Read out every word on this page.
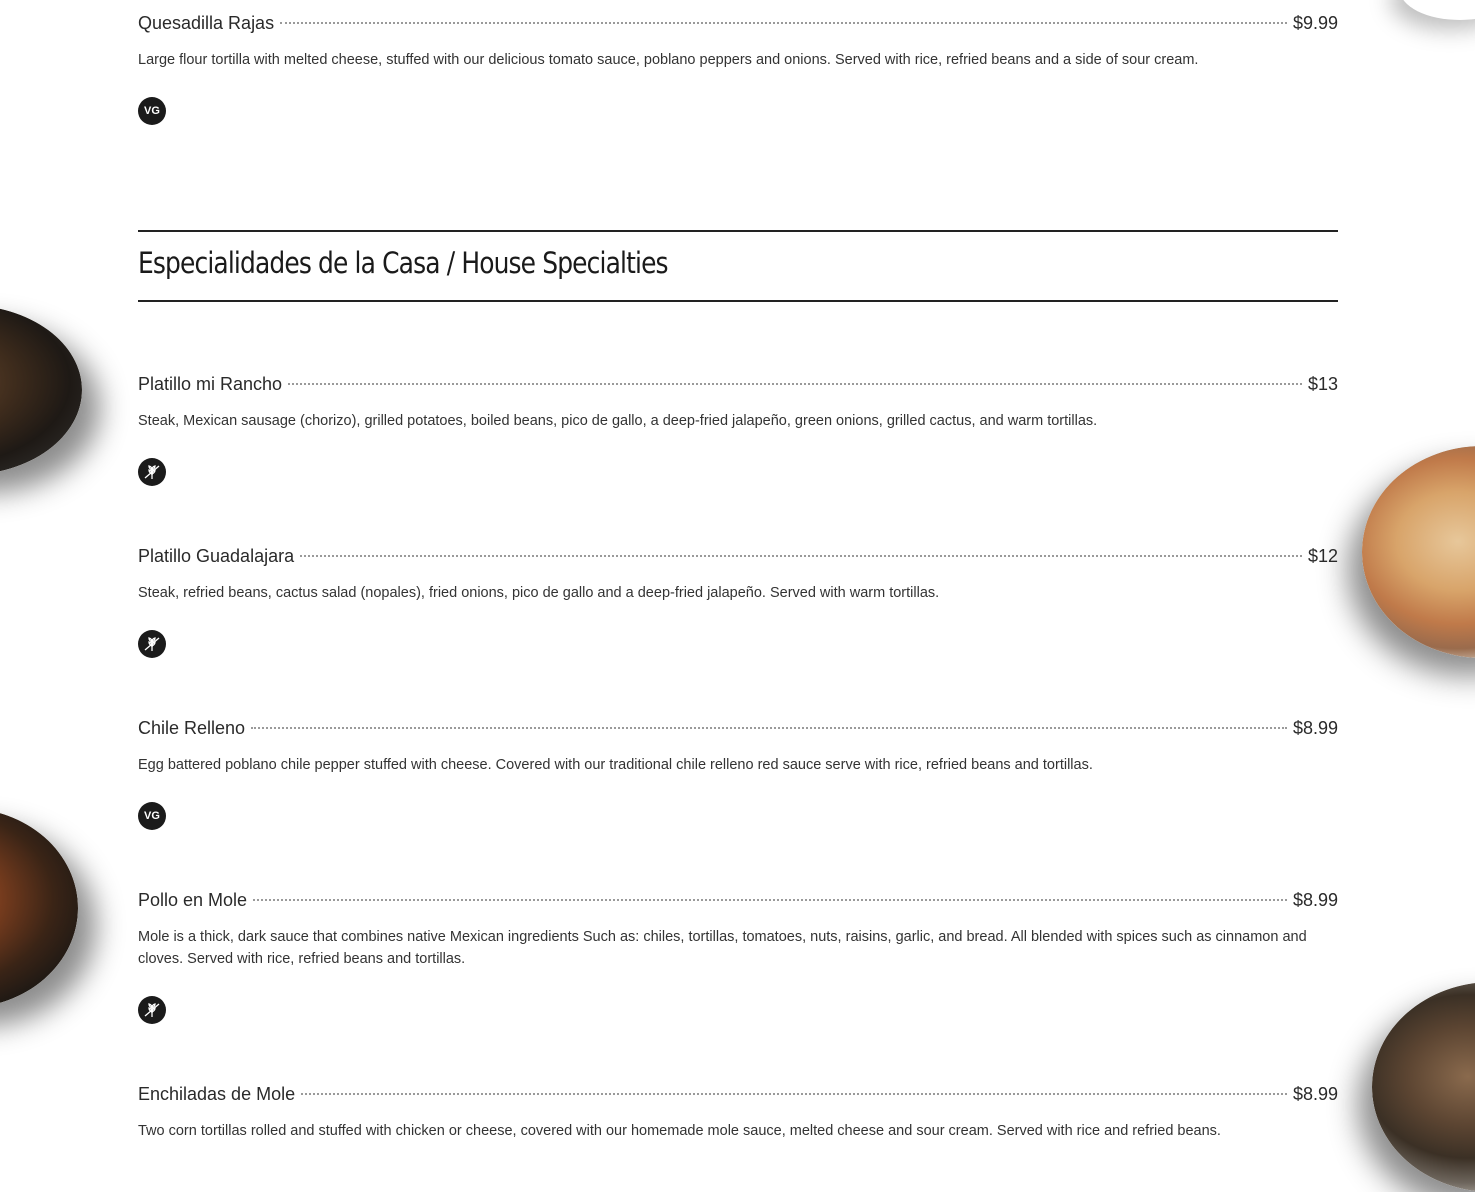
Quesadilla Rajas	$9.99
Large flour tortilla with melted cheese, stuffed with our delicious tomato sauce, poblano peppers and onions. Served with rice, refried beans and a side of sour cream.
VG
Especialidades de la Casa / House Specialties
Platillo mi Rancho	$13
Steak, Mexican sausage (chorizo), grilled potatoes, boiled beans, pico de gallo, a deep-fried jalapeño, green onions, grilled cactus, and warm tortillas.
Platillo Guadalajara	$12
Steak, refried beans, cactus salad (nopales), fried onions, pico de gallo and a deep-fried jalapeño. Served with warm tortillas.
Chile Relleno	$8.99
Egg battered poblano chile pepper stuffed with cheese. Covered with our traditional chile relleno red sauce serve with rice, refried beans and tortillas.
VG
Pollo en Mole	$8.99
Mole is a thick, dark sauce that combines native Mexican ingredients Such as: chiles, tortillas, tomatoes, nuts, raisins, garlic, and bread. All blended with spices such as cinnamon and cloves. Served with rice, refried beans and tortillas.
Enchiladas de Mole	$8.99
Two corn tortillas rolled and stuffed with chicken or cheese, covered with our homemade mole sauce, melted cheese and sour cream. Served with rice and refried beans.
